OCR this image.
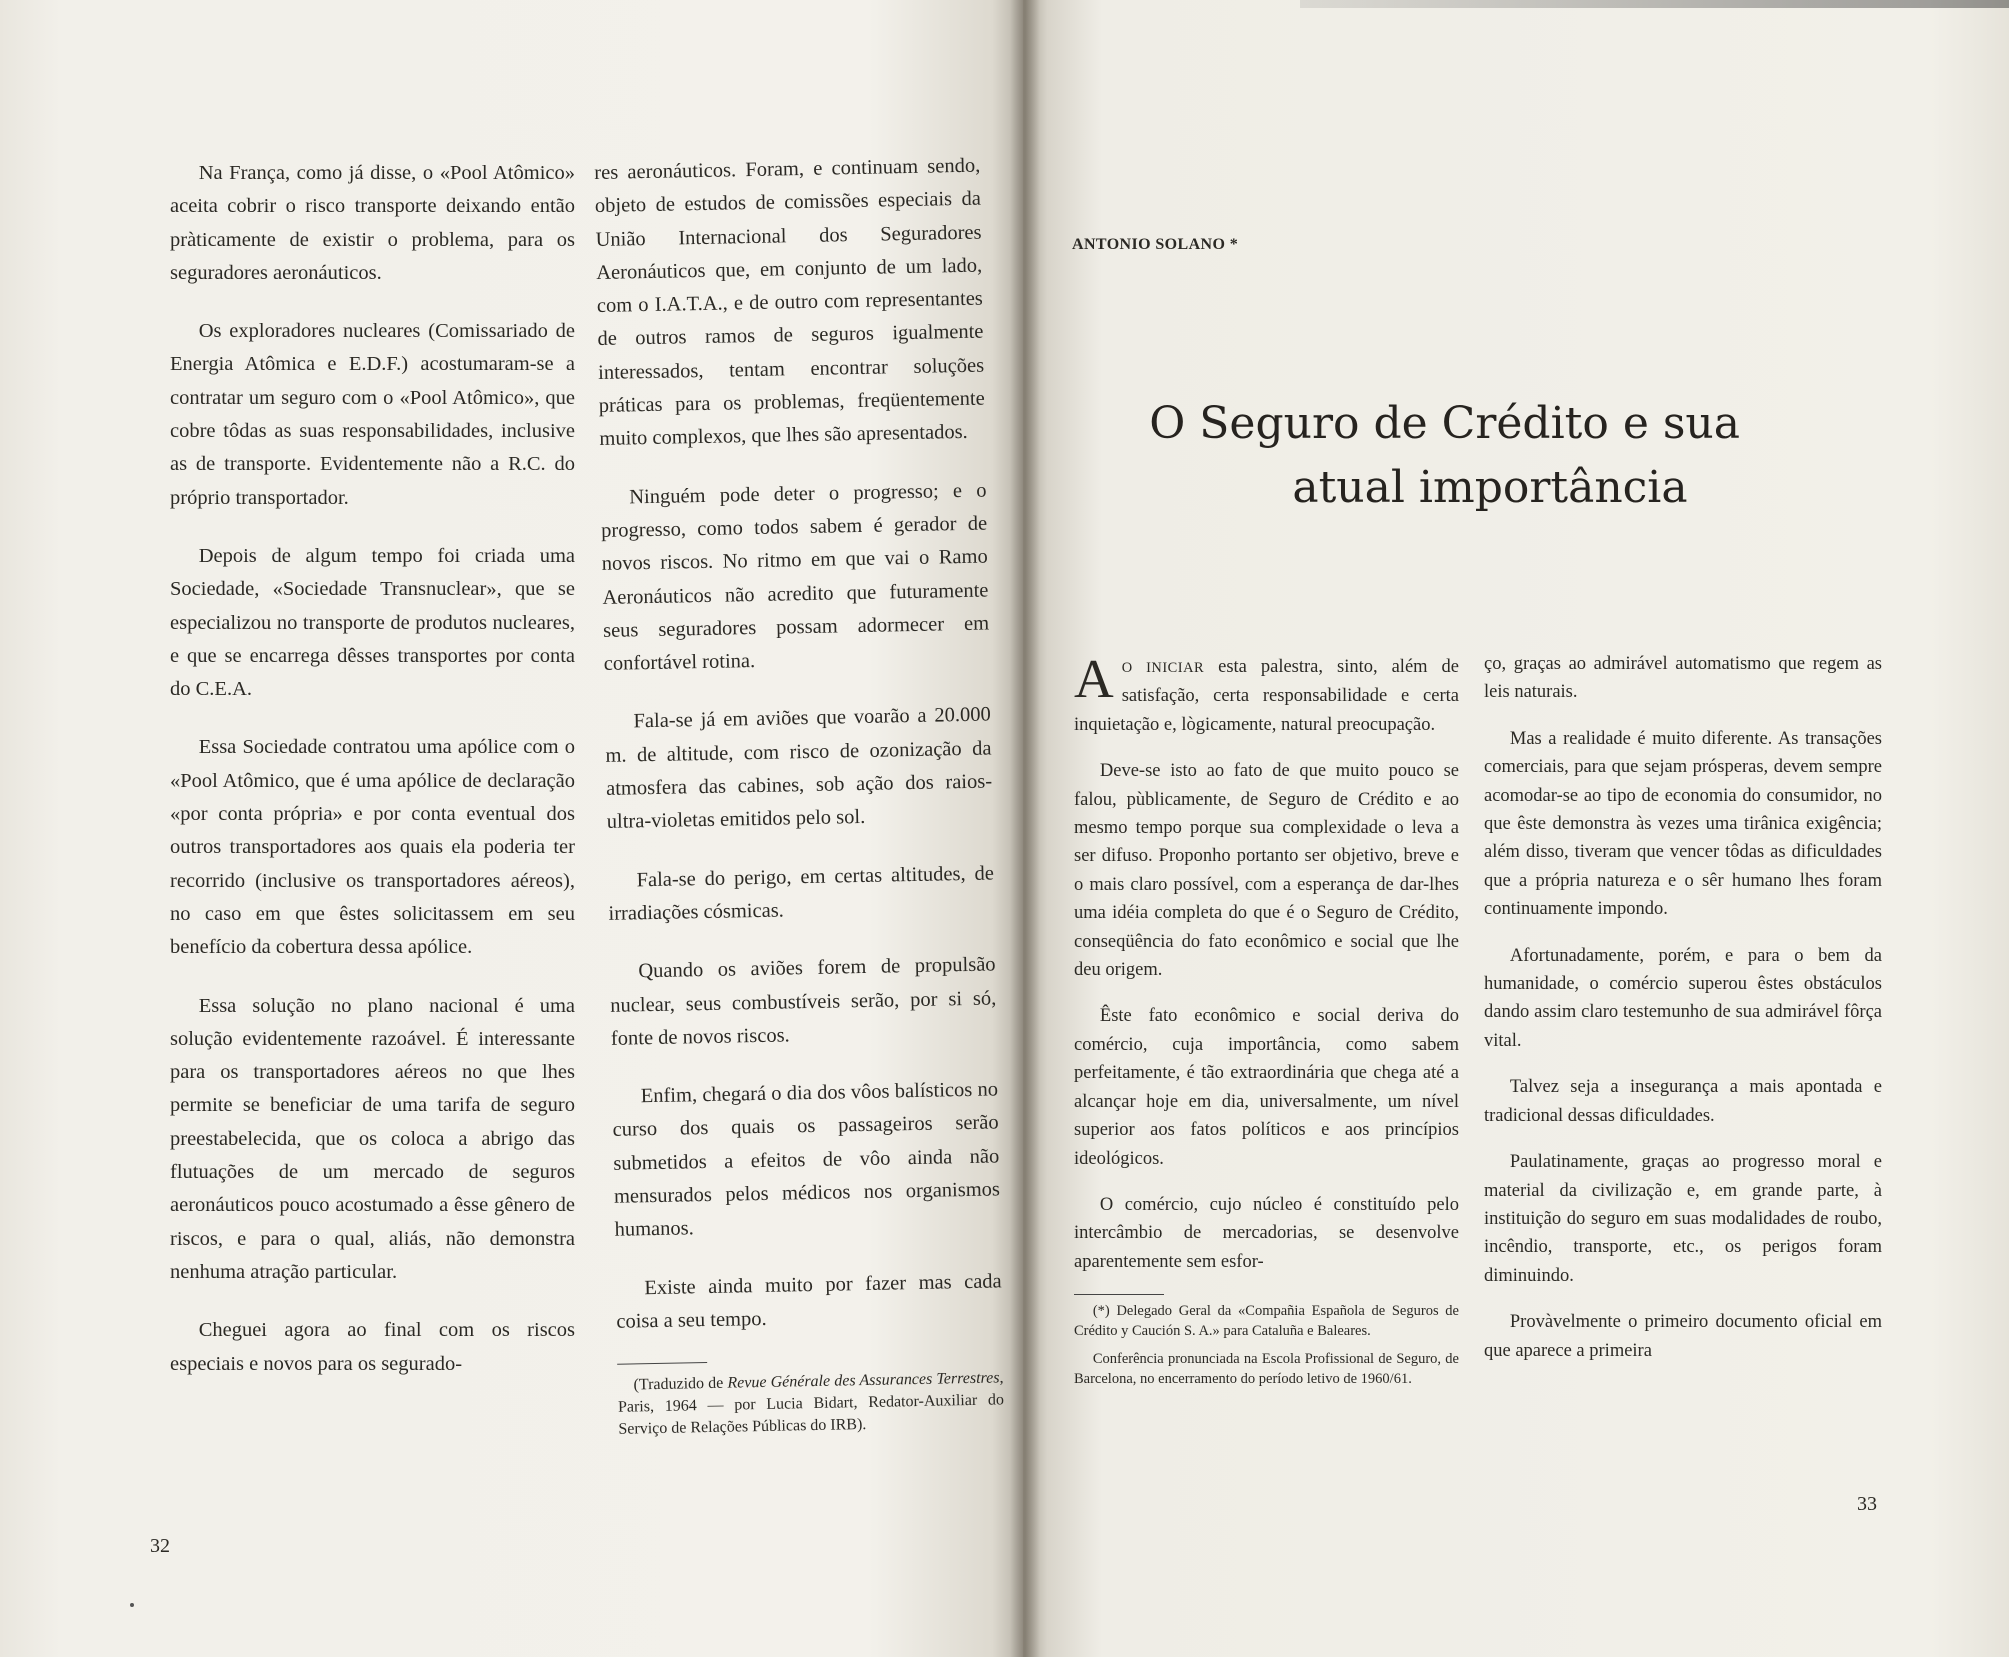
Na França, como já disse, o «Pool Atômico» aceita cobrir o risco transporte deixando então pràticamente de existir o problema, para os seguradores aeronáuticos.

Os exploradores nucleares (Comissariado de Energia Atômica e E.D.F.) acostumaram-se a contratar um seguro com o «Pool Atômico», que cobre tôdas as suas responsabilidades, inclusive as de transporte. Evidentemente não a R.C. do próprio transportador.

Depois de algum tempo foi criada uma Sociedade, «Sociedade Transnuclear», que se especializou no transporte de produtos nucleares, e que se encarrega dêsses transportes por conta do C.E.A.

Essa Sociedade contratou uma apólice com o «Pool Atômico, que é uma apólice de declaração «por conta própria» e por conta eventual dos outros transportadores aos quais ela poderia ter recorrido (inclusive os transportadores aéreos), no caso em que êstes solicitassem em seu benefício da cobertura dessa apólice.

Essa solução no plano nacional é uma solução evidentemente razoável. É interessante para os transportadores aéreos no que lhes permite se beneficiar de uma tarifa de seguro preestabelecida, que os coloca a abrigo das flutuações de um mercado de seguros aeronáuticos pouco acostumado a êsse gênero de riscos, e para o qual, aliás, não demonstra nenhuma atração particular.

Cheguei agora ao final com os riscos especiais e novos para os segurado-

res aeronáuticos. Foram, e continuam sendo, objeto de estudos de comissões especiais da União Internacional dos Seguradores Aeronáuticos que, em conjunto de um lado, com o I.A.T.A., e de outro com representantes de outros ramos de seguros igualmente interessados, tentam encontrar soluções práticas para os problemas, freqüentemente muito complexos, que lhes são apresentados.

Ninguém pode deter o progresso; e o progresso, como todos sabem é gerador de novos riscos. No ritmo em que vai o Ramo Aeronáuticos não acredito que futuramente seus seguradores possam adormecer em confortável rotina.

Fala-se já em aviões que voarão a 20.000 m. de altitude, com risco de ozonização da atmosfera das cabines, sob ação dos raios-ultra-violetas emitidos pelo sol.

Fala-se do perigo, em certas altitudes, de irradiações cósmicas.

Quando os aviões forem de propulsão nuclear, seus combustíveis serão, por si só, fonte de novos riscos.

Enfim, chegará o dia dos vôos balísticos no curso dos quais os passageiros serão submetidos a efeitos de vôo ainda não mensurados pelos médicos nos organismos humanos.

Existe ainda muito por fazer mas cada coisa a seu tempo.

(Traduzido de Revue Générale des Assurances Terrestres, Paris, 1964 — por Lucia Bidart, Redator-Auxiliar do Serviço de Relações Públicas do IRB).

32
ANTONIO SOLANO *
O Seguro de Crédito e sua
atual importância

A O INICIAR esta palestra, sinto, além de satisfação, certa responsabilidade e certa inquietação e, lògicamente, natural preocupação.

Deve-se isto ao fato de que muito pouco se falou, pùblicamente, de Seguro de Crédito e ao mesmo tempo porque sua complexidade o leva a ser difuso. Proponho portanto ser objetivo, breve e o mais claro possível, com a esperança de dar-lhes uma idéia completa do que é o Seguro de Crédito, conseqüência do fato econômico e social que lhe deu origem.

Êste fato econômico e social deriva do comércio, cuja importância, como sabem perfeitamente, é tão extraordinária que chega até a alcançar hoje em dia, universalmente, um nível superior aos fatos políticos e aos princípios ideológicos.

O comércio, cujo núcleo é constituído pelo intercâmbio de mercadorias, se desenvolve aparentemente sem esfor-

(*) Delegado Geral da «Compañia Española de Seguros de Crédito y Caución S. A.» para Cataluña e Baleares.

Conferência pronunciada na Escola Profissional de Seguro, de Barcelona, no encerramento do período letivo de 1960/61.

ço, graças ao admirável automatismo que regem as leis naturais.

Mas a realidade é muito diferente. As transações comerciais, para que sejam prósperas, devem sempre acomodar-se ao tipo de economia do consumidor, no que êste demonstra às vezes uma tirânica exigência; além disso, tiveram que vencer tôdas as dificuldades que a própria natureza e o sêr humano lhes foram continuamente impondo.

Afortunadamente, porém, e para o bem da humanidade, o comércio superou êstes obstáculos dando assim claro testemunho de sua admirável fôrça vital.

Talvez seja a insegurança a mais apontada e tradicional dessas dificuldades.

Paulatinamente, graças ao progresso moral e material da civilização e, em grande parte, à instituição do seguro em suas modalidades de roubo, incêndio, transporte, etc., os perigos foram diminuindo.

Provàvelmente o primeiro documento oficial em que aparece a primeira

33
